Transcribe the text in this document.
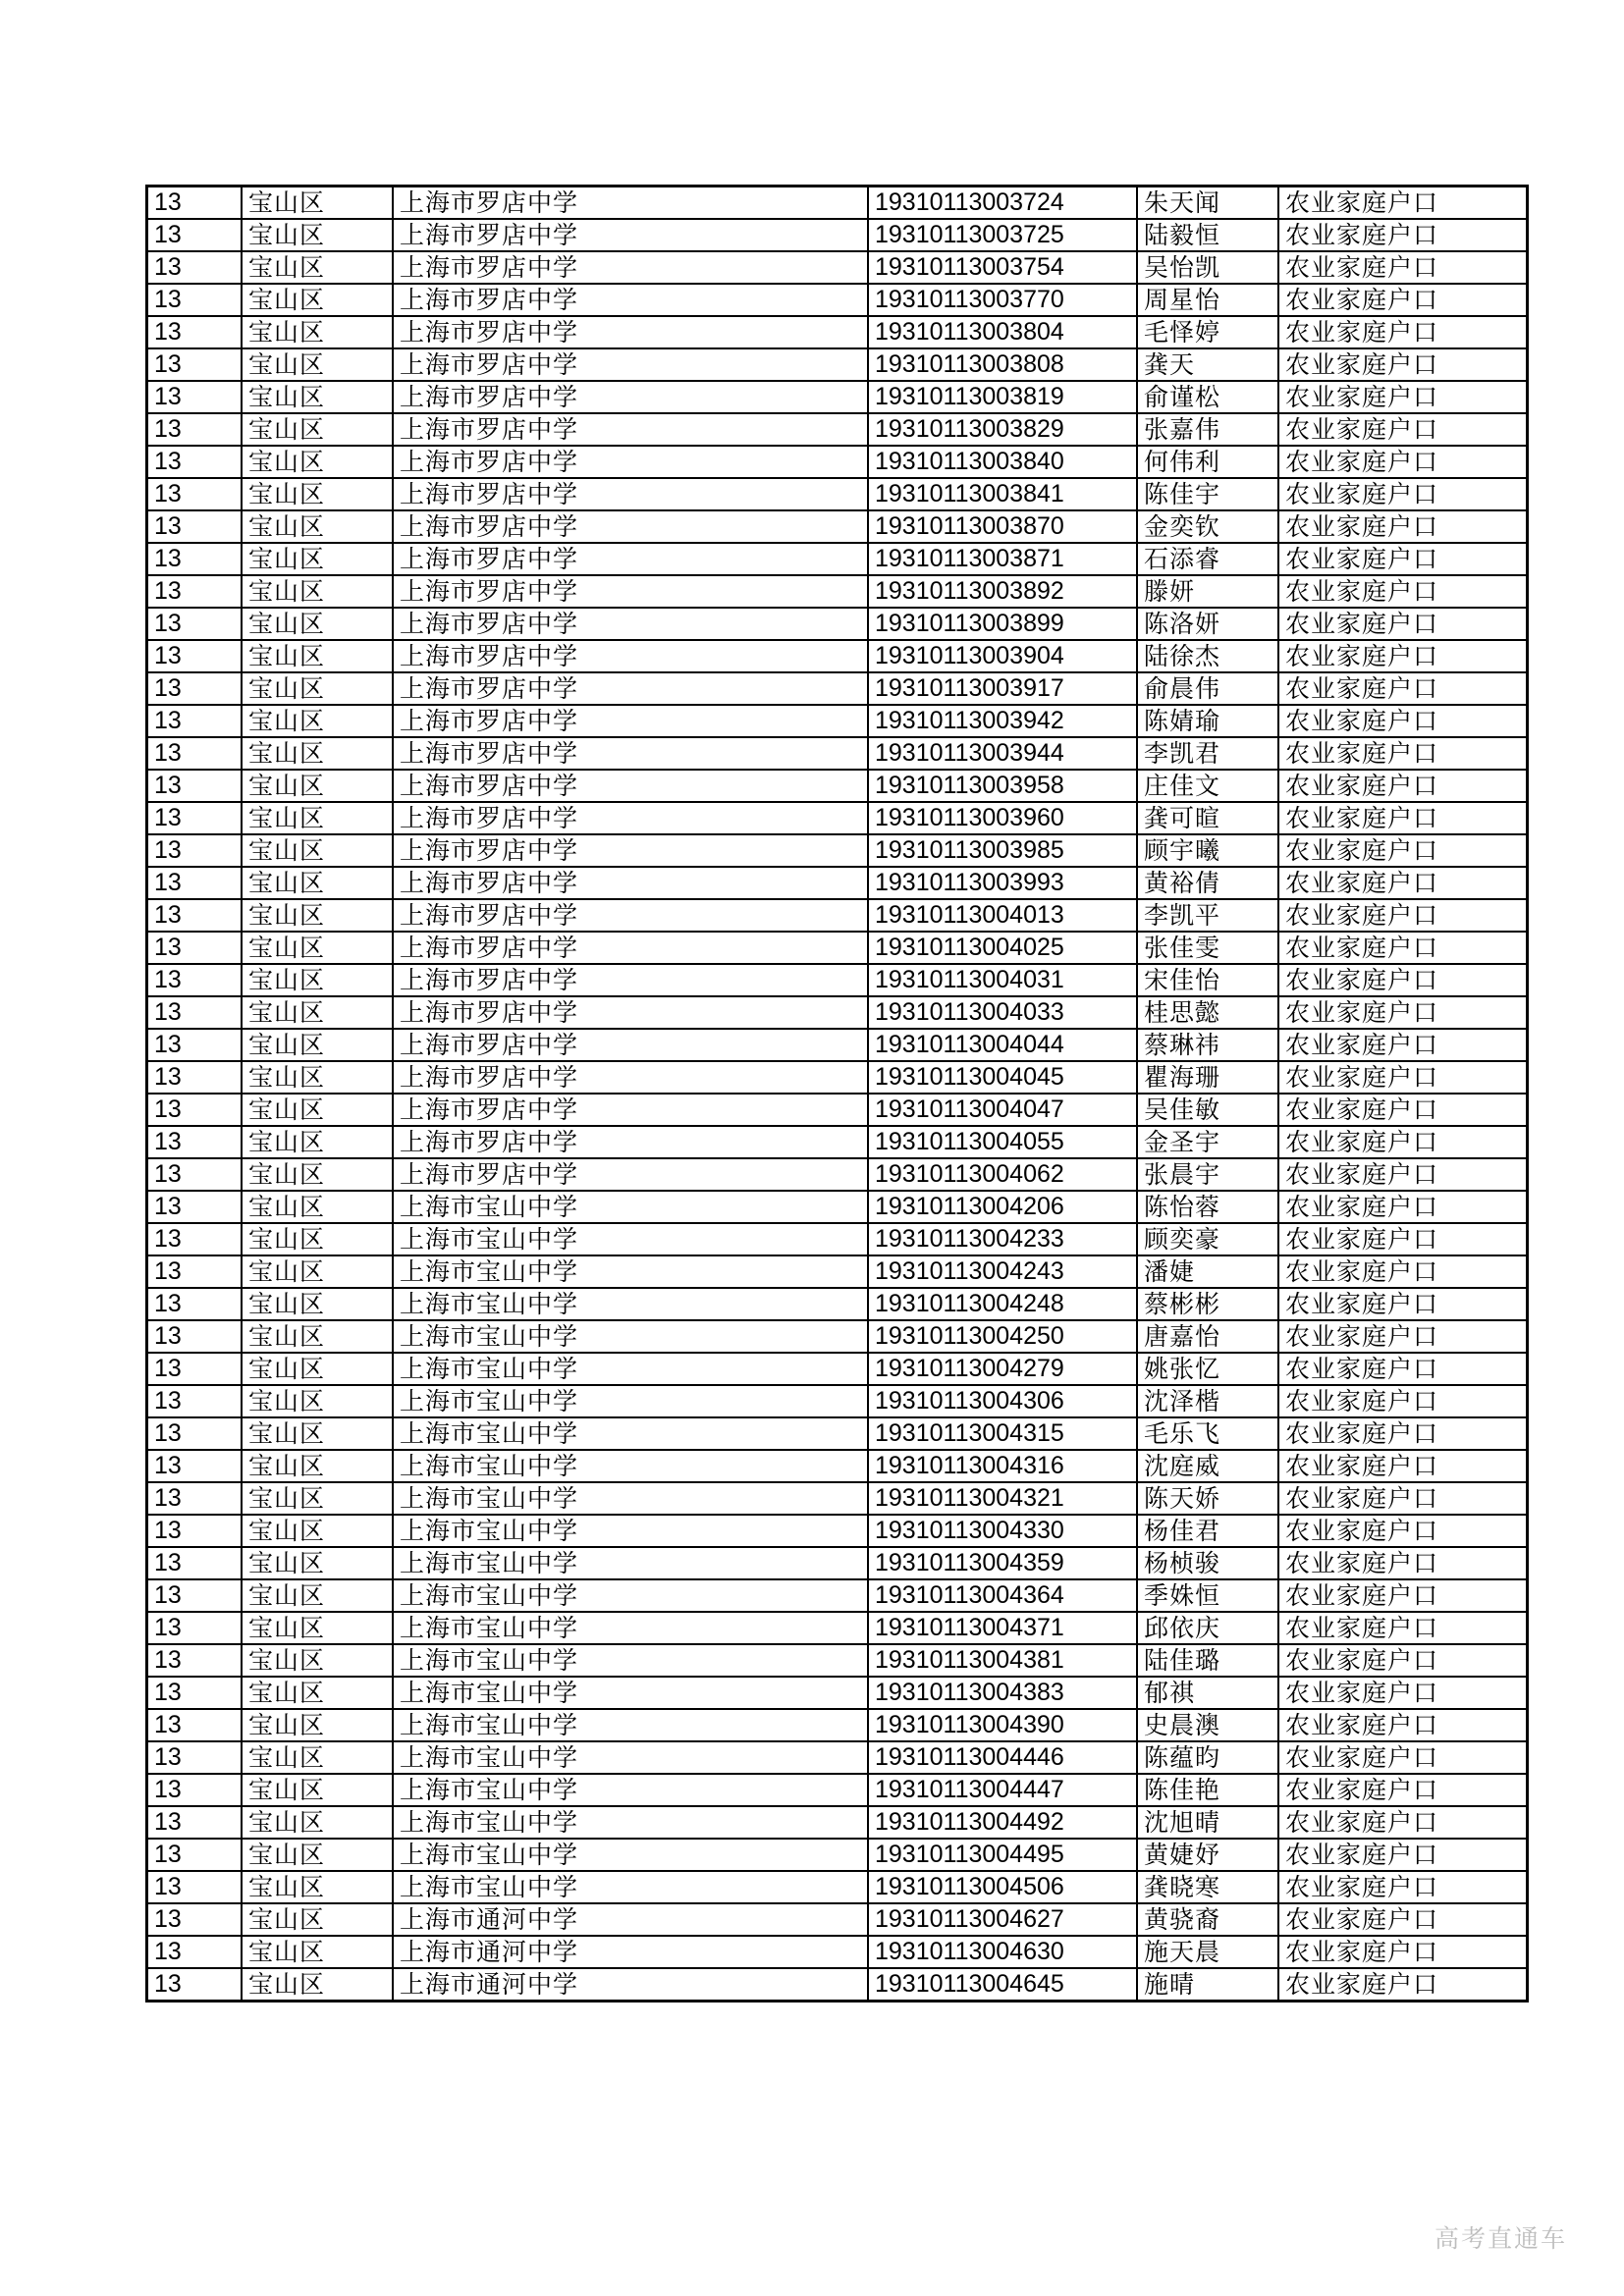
13	宝山区	上海市罗店中学	19310113003724	朱天闻	农业家庭户口
13	宝山区	上海市罗店中学	19310113003725	陆毅恒	农业家庭户口
13	宝山区	上海市罗店中学	19310113003754	吴怡凯	农业家庭户口
13	宝山区	上海市罗店中学	19310113003770	周星怡	农业家庭户口
13	宝山区	上海市罗店中学	19310113003804	毛怿婷	农业家庭户口
13	宝山区	上海市罗店中学	19310113003808	龚天	农业家庭户口
13	宝山区	上海市罗店中学	19310113003819	俞谨松	农业家庭户口
13	宝山区	上海市罗店中学	19310113003829	张嘉伟	农业家庭户口
13	宝山区	上海市罗店中学	19310113003840	何伟利	农业家庭户口
13	宝山区	上海市罗店中学	19310113003841	陈佳宇	农业家庭户口
13	宝山区	上海市罗店中学	19310113003870	金奕钦	农业家庭户口
13	宝山区	上海市罗店中学	19310113003871	石添睿	农业家庭户口
13	宝山区	上海市罗店中学	19310113003892	滕妍	农业家庭户口
13	宝山区	上海市罗店中学	19310113003899	陈洛妍	农业家庭户口
13	宝山区	上海市罗店中学	19310113003904	陆徐杰	农业家庭户口
13	宝山区	上海市罗店中学	19310113003917	俞晨伟	农业家庭户口
13	宝山区	上海市罗店中学	19310113003942	陈婧瑜	农业家庭户口
13	宝山区	上海市罗店中学	19310113003944	李凯君	农业家庭户口
13	宝山区	上海市罗店中学	19310113003958	庄佳文	农业家庭户口
13	宝山区	上海市罗店中学	19310113003960	龚可暄	农业家庭户口
13	宝山区	上海市罗店中学	19310113003985	顾宇曦	农业家庭户口
13	宝山区	上海市罗店中学	19310113003993	黄裕倩	农业家庭户口
13	宝山区	上海市罗店中学	19310113004013	李凯平	农业家庭户口
13	宝山区	上海市罗店中学	19310113004025	张佳雯	农业家庭户口
13	宝山区	上海市罗店中学	19310113004031	宋佳怡	农业家庭户口
13	宝山区	上海市罗店中学	19310113004033	桂思懿	农业家庭户口
13	宝山区	上海市罗店中学	19310113004044	蔡琳祎	农业家庭户口
13	宝山区	上海市罗店中学	19310113004045	瞿海珊	农业家庭户口
13	宝山区	上海市罗店中学	19310113004047	吴佳敏	农业家庭户口
13	宝山区	上海市罗店中学	19310113004055	金圣宇	农业家庭户口
13	宝山区	上海市罗店中学	19310113004062	张晨宇	农业家庭户口
13	宝山区	上海市宝山中学	19310113004206	陈怡蓉	农业家庭户口
13	宝山区	上海市宝山中学	19310113004233	顾奕豪	农业家庭户口
13	宝山区	上海市宝山中学	19310113004243	潘婕	农业家庭户口
13	宝山区	上海市宝山中学	19310113004248	蔡彬彬	农业家庭户口
13	宝山区	上海市宝山中学	19310113004250	唐嘉怡	农业家庭户口
13	宝山区	上海市宝山中学	19310113004279	姚张忆	农业家庭户口
13	宝山区	上海市宝山中学	19310113004306	沈泽楷	农业家庭户口
13	宝山区	上海市宝山中学	19310113004315	毛乐飞	农业家庭户口
13	宝山区	上海市宝山中学	19310113004316	沈庭威	农业家庭户口
13	宝山区	上海市宝山中学	19310113004321	陈天娇	农业家庭户口
13	宝山区	上海市宝山中学	19310113004330	杨佳君	农业家庭户口
13	宝山区	上海市宝山中学	19310113004359	杨桢骏	农业家庭户口
13	宝山区	上海市宝山中学	19310113004364	季姝恒	农业家庭户口
13	宝山区	上海市宝山中学	19310113004371	邱依庆	农业家庭户口
13	宝山区	上海市宝山中学	19310113004381	陆佳璐	农业家庭户口
13	宝山区	上海市宝山中学	19310113004383	郁祺	农业家庭户口
13	宝山区	上海市宝山中学	19310113004390	史晨澳	农业家庭户口
13	宝山区	上海市宝山中学	19310113004446	陈蕴昀	农业家庭户口
13	宝山区	上海市宝山中学	19310113004447	陈佳艳	农业家庭户口
13	宝山区	上海市宝山中学	19310113004492	沈旭晴	农业家庭户口
13	宝山区	上海市宝山中学	19310113004495	黄婕妤	农业家庭户口
13	宝山区	上海市宝山中学	19310113004506	龚晓寒	农业家庭户口
13	宝山区	上海市通河中学	19310113004627	黄骁裔	农业家庭户口
13	宝山区	上海市通河中学	19310113004630	施天晨	农业家庭户口
13	宝山区	上海市通河中学	19310113004645	施晴	农业家庭户口
高考直通车
